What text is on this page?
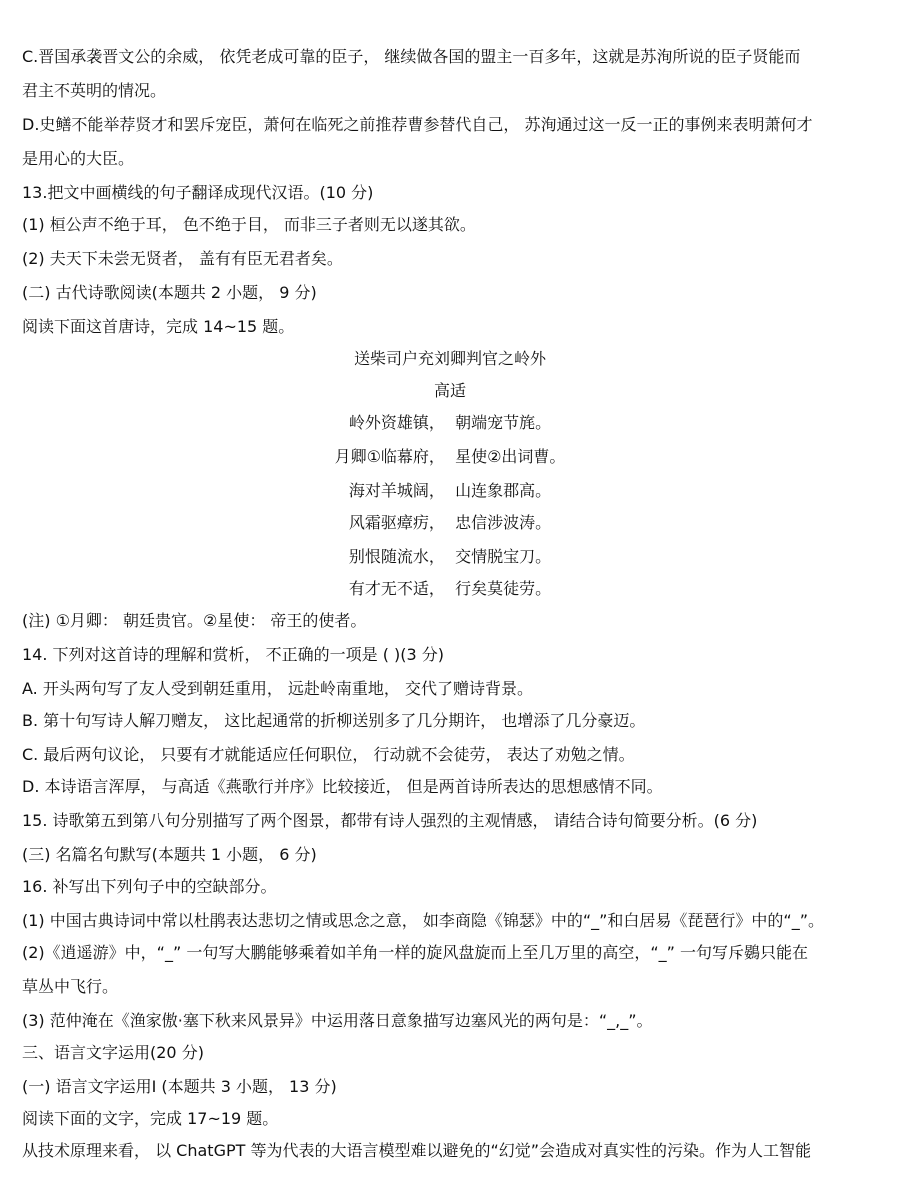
C.晋国承袭晋文公的余威， 依凭老成可靠的臣子， 继续做各国的盟主一百多年，这就是苏洵所说的臣子贤能而
君主不英明的情况。
D.史鳝不能举荐贤才和罢斥宠臣，萧何在临死之前推荐曹参替代自己， 苏洵通过这一反一正的事例来表明萧何才
是用心的大臣。
13.把文中画横线的句子翻译成现代汉语。(10 分)
(1) 桓公声不绝于耳， 色不绝于目， 而非三子者则无以遂其欲。
(2) 夫天下未尝无贤者， 盖有有臣无君者矣。
(二) 古代诗歌阅读(本题共 2 小题， 9 分)
阅读下面这首唐诗，完成 14~15 题。
送柴司户充刘卿判官之岭外
高适
岭外资雄镇，  朝端宠节旄。
月卿①临幕府，  星使②出词曹。
海对羊城阔，  山连象郡高。
风霜驱瘴疠，  忠信涉波涛。
别恨随流水，  交情脱宝刀。
有才无不适，  行矣莫徒劳。
(注) ①月卿： 朝廷贵官。②星使： 帝王的使者。
14. 下列对这首诗的理解和赏析， 不正确的一项是 ( )(3 分)
A. 开头两句写了友人受到朝廷重用， 远赴岭南重地， 交代了赠诗背景。
B. 第十句写诗人解刀赠友， 这比起通常的折柳送别多了几分期许， 也增添了几分豪迈。
C. 最后两句议论， 只要有才就能适应任何职位， 行动就不会徒劳， 表达了劝勉之情。
D. 本诗语言浑厚， 与高适《燕歌行并序》比较接近， 但是两首诗所表达的思想感情不同。
15. 诗歌第五到第八句分别描写了两个图景，都带有诗人强烈的主观情感， 请结合诗句简要分析。(6 分)
(三) 名篇名句默写(本题共 1 小题， 6 分)
16. 补写出下列句子中的空缺部分。
(1) 中国古典诗词中常以杜鹃表达悲切之情或思念之意， 如李商隐《锦瑟》中的“_”和白居易《琵琶行》中的“_”。
(2)《逍遥游》中，“_” 一句写大鹏能够乘着如羊角一样的旋风盘旋而上至几万里的高空，“_” 一句写斥鷃只能在
草丛中飞行。
(3) 范仲淹在《渔家傲·塞下秋来风景异》中运用落日意象描写边塞风光的两句是：“_,_”。
三、语言文字运用(20 分)
(一) 语言文字运用Ⅰ (本题共 3 小题， 13 分)
阅读下面的文字，完成 17~19 题。
从技术原理来看， 以 ChatGPT 等为代表的大语言模型难以避免的“幻觉”会造成对真实性的污染。作为人工智能
